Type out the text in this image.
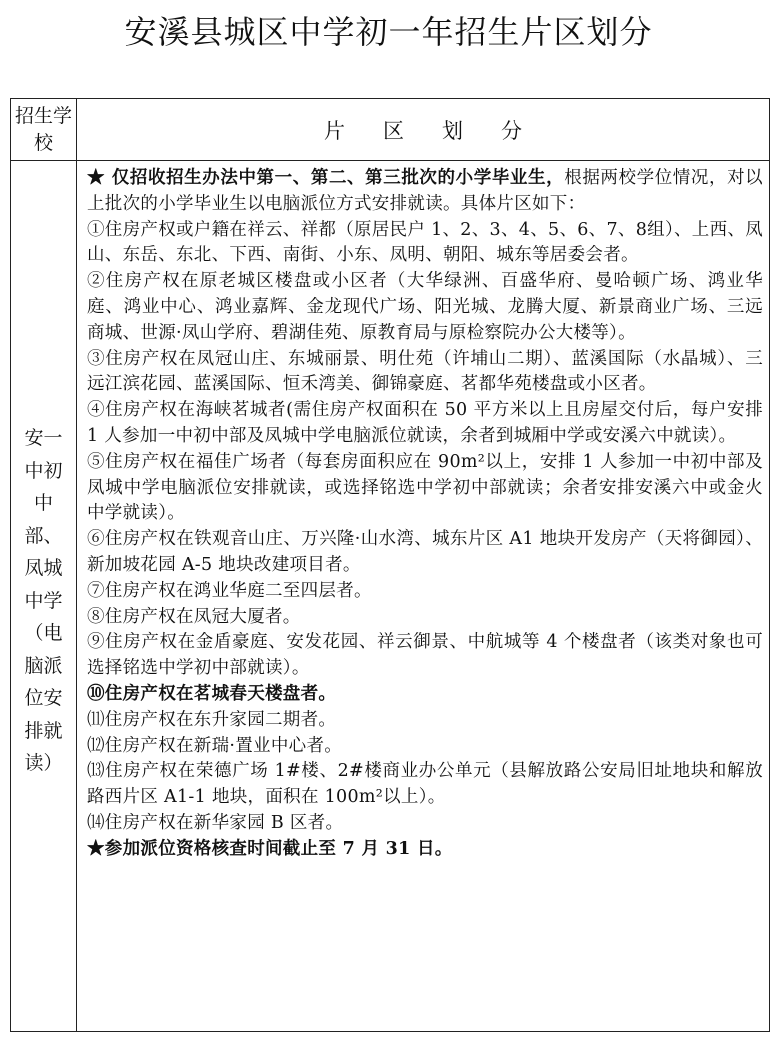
安溪县城区中学初一年招生片区划分
招生学校	片区划分
安一中初中部、凤城中学（电脑派位安排就读）

★ 仅招收招生办法中第一、第二、第三批次的小学毕业生，根据两校学位情况，对以上批次的小学毕业生以电脑派位方式安排就读。具体片区如下：

①住房产权或户籍在祥云、祥都（原居民户 1、2、3、4、5、6、7、8组）、上西、凤山、东岳、东北、下西、南街、小东、凤明、朝阳、城东等居委会者。

②住房产权在原老城区楼盘或小区者（大华绿洲、百盛华府、曼哈顿广场、鸿业华庭、鸿业中心、鸿业嘉辉、金龙现代广场、阳光城、龙腾大厦、新景商业广场、三远商城、世源·凤山学府、碧湖佳苑、原教育局与原检察院办公大楼等）。

③住房产权在凤冠山庄、东城丽景、明仕苑（许埔山二期）、蓝溪国际（水晶城）、三远江滨花园、蓝溪国际、恒禾湾美、御锦豪庭、茗都华苑楼盘或小区者。

④住房产权在海峡茗城者(需住房产权面积在 50 平方米以上且房屋交付后，每户安排 1 人参加一中初中部及凤城中学电脑派位就读，余者到城厢中学或安溪六中就读）。

⑤住房产权在福佳广场者（每套房面积应在 90m²以上，安排 1 人参加一中初中部及凤城中学电脑派位安排就读，或选择铭选中学初中部就读；余者安排安溪六中或金火中学就读）。

⑥住房产权在铁观音山庄、万兴隆·山水湾、城东片区 A1 地块开发房产（天将御园）、新加坡花园 A-5 地块改建项目者。

⑦住房产权在鸿业华庭二至四层者。

⑧住房产权在凤冠大厦者。

⑨住房产权在金盾豪庭、安发花园、祥云御景、中航城等 4 个楼盘者（该类对象也可选择铭选中学初中部就读）。

⑩住房产权在茗城春天楼盘者。

⑾住房产权在东升家园二期者。

⑿住房产权在新瑞·置业中心者。

⒀住房产权在荣德广场 1#楼、2#楼商业办公单元（县解放路公安局旧址地块和解放路西片区 A1-1 地块，面积在 100m²以上）。

⒁住房产权在新华家园 B 区者。

★参加派位资格核查时间截止至 7 月 31 日。
